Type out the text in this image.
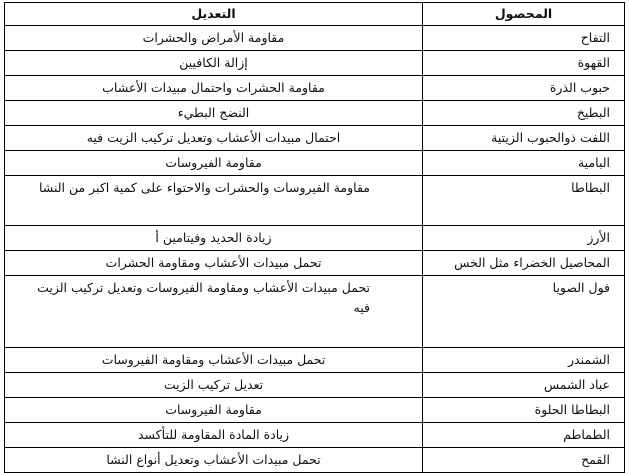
المحصول	التعديل
التفاح	مقاومة الأمراض والحشرات
القهوة	إزالة الكافيين
حبوب الذرة	مقاومة الحشرات واحتمال مبيدات الأعشاب
البطيخ	النضج البطيء
اللفت ذوالحبوب الزيتية	احتمال مبيدات الأعشاب وتعديل تركيب الزيت فيه
البامية	مقاومة الفيروسات
البطاطا	مقاومة الفيروسات والحشرات والاحتواء على كمية اكبر من النشا
الأرز	زيادة الحديد وفيتامين أ
المحاصيل الخضراء مثل الخس	تحمل مبيدات الأعشاب ومقاومة الحشرات
فول الصويا	تحمل مبيدات الأعشاب ومقاومة الفيروسات وتعديل تركيب الزيت فيه
الشمندر	تحمل مبيدات الأعشاب ومقاومة الفيروسات
عباد الشمس	تعديل تركيب الزيت
البطاطا الحلوة	مقاومة الفيروسات
الطماطم	زيادة المادة المقاومة للتأكسد
القمح	تحمل مبيدات الأعشاب وتعديل أنواع النشا
